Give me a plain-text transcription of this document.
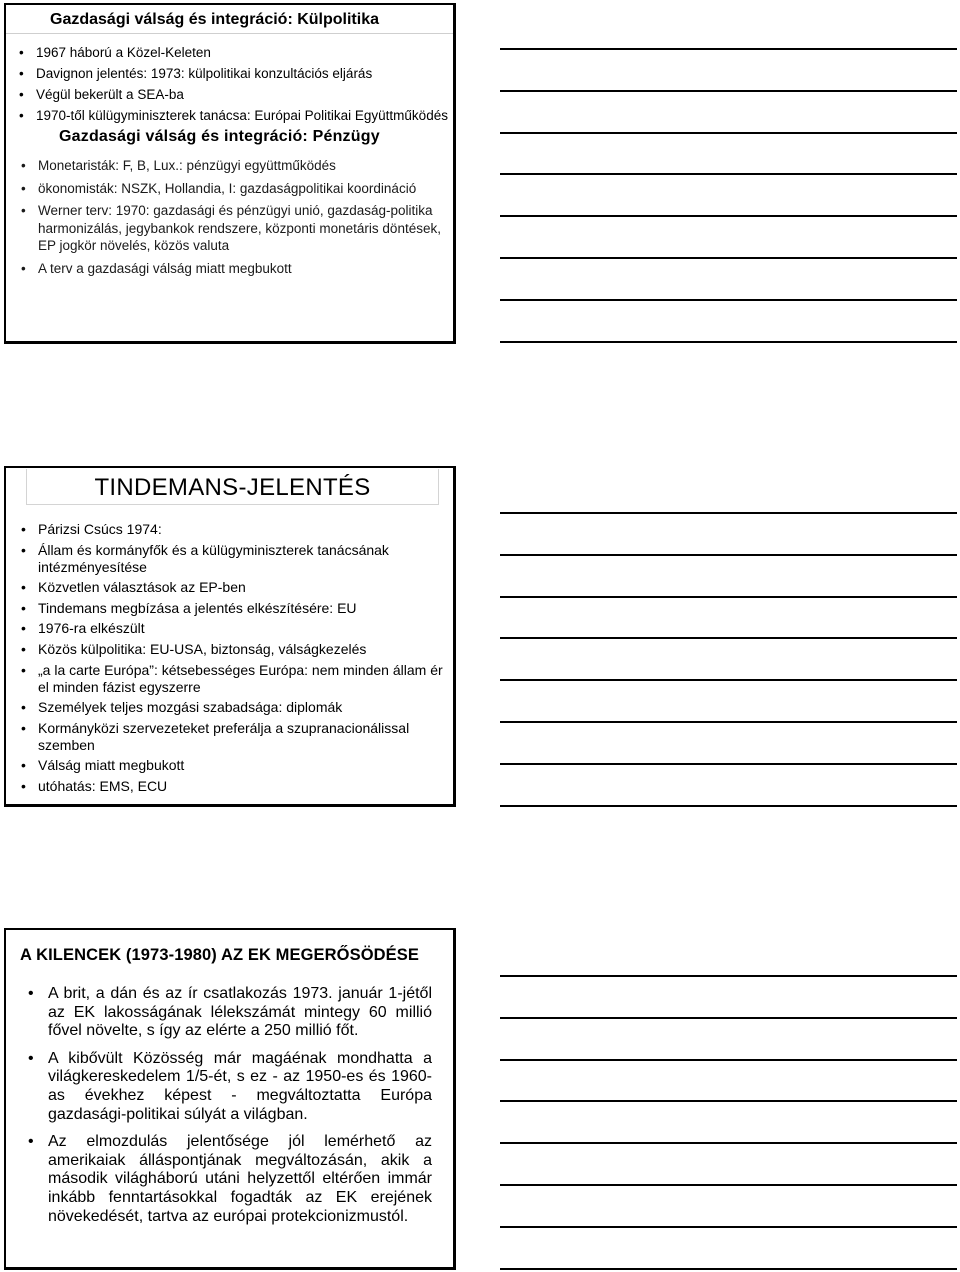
Gazdasági válság és integráció: Külpolitika
• 1967 háború a Közel-Keleten
• Davignon jelentés: 1973: külpolitikai konzultációs eljárás
• Végül bekerült a SEA-ba
• 1970-től külügyminiszterek tanácsa: Európai Politikai Együttműködés
Gazdasági válság és integráció: Pénzügy
• Monetaristák: F, B, Lux.: pénzügyi együttműködés
• ökonomisták: NSZK, Hollandia, I: gazdaságpolitikai koordináció
• Werner terv: 1970: gazdasági és pénzügyi unió, gazdaság-politika harmonizálás, jegybankok rendszere, központi monetáris döntések, EP jogkör növelés, közös valuta
• A terv a gazdasági válság miatt megbukott
TINDEMANS-JELENTÉS
• Párizsi Csúcs 1974:
• Állam és kormányfők és a külügyminiszterek tanácsának intézményesítése
• Közvetlen választások az EP-ben
• Tindemans megbízása a jelentés elkészítésére: EU
• 1976-ra elkészült
• Közös külpolitika: EU-USA, biztonság, válságkezelés
• „a la carte Európa”: kétsebességes Európa: nem minden állam ér el minden fázist egyszerre
• Személyek teljes mozgási szabadsága: diplomák
• Kormányközi szervezeteket preferálja a szupranacionálissal szemben
• Válság miatt megbukott
• utóhatás: EMS, ECU
A KILENCEK (1973-1980) AZ EK MEGERŐSÖDÉSE
• A brit, a dán és az ír csatlakozás 1973. január 1-jétől az EK lakosságának lélekszámát mintegy 60 millió fővel növelte, s így az elérte a 250 millió főt.
• A kibővült Közösség már magáénak mondhatta a világkereskedelem 1/5-ét, s ez - az 1950-es és 1960-as évekhez képest - megváltoztatta Európa gazdasági-politikai súlyát a világban.
• Az elmozdulás jelentősége jól lemérhető az amerikaiak álláspontjának megváltozásán, akik a második világháború utáni helyzettől eltérően immár inkább fenntartásokkal fogadták az EK erejének növekedését, tartva az európai protekcionizmustól.
